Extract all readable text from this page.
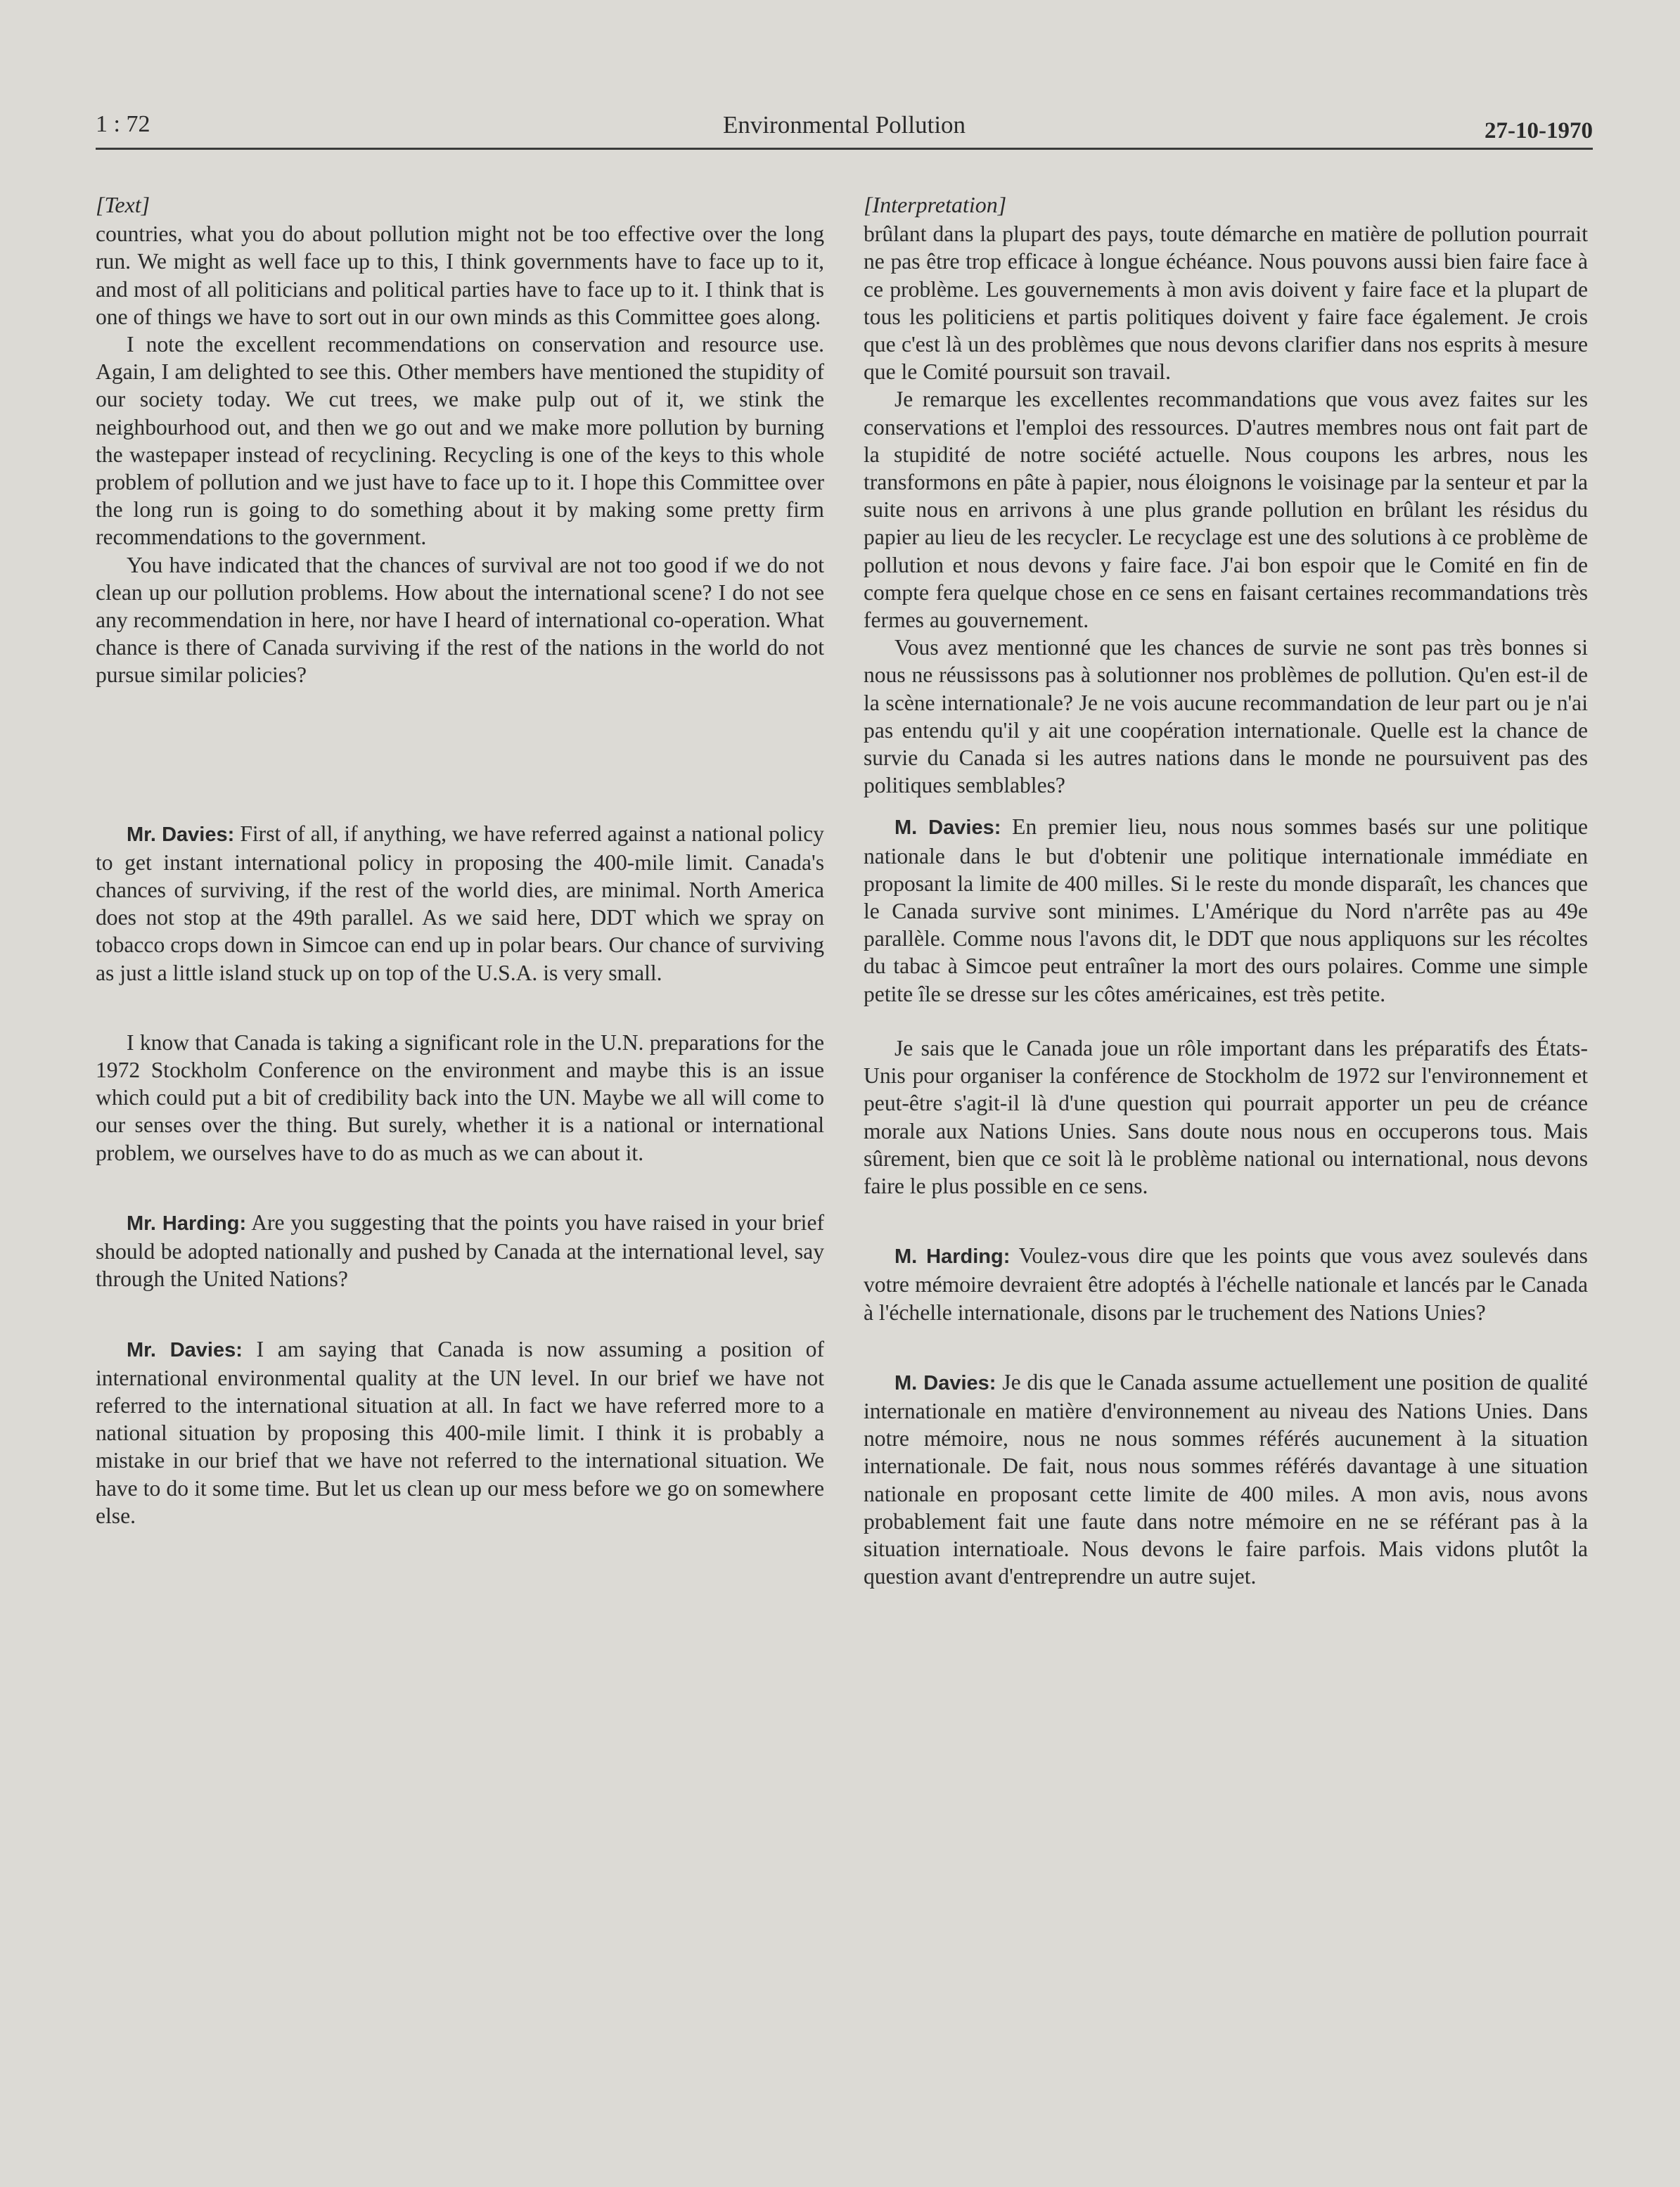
1 : 72	Environmental Pollution	27-10-1970
[Text]

countries, what you do about pollution might not be too effective over the long run. We might as well face up to this, I think governments have to face up to it, and most of all politicians and political parties have to face up to it. I think that is one of things we have to sort out in our own minds as this Committee goes along.

I note the excellent recommendations on conservation and resource use. Again, I am delighted to see this. Other members have mentioned the stupidity of our society today. We cut trees, we make pulp out of it, we stink the neighbourhood out, and then we go out and we make more pollution by burning the wastepaper instead of recyclining. Recycling is one of the keys to this whole problem of pollution and we just have to face up to it. I hope this Committee over the long run is going to do something about it by making some pretty firm recommendations to the government.

You have indicated that the chances of survival are not too good if we do not clean up our pollution problems. How about the international scene? I do not see any recommendation in here, nor have I heard of international co-operation. What chance is there of Canada surviving if the rest of the nations in the world do not pursue similar policies?

Mr. Davies: First of all, if anything, we have referred against a national policy to get instant international policy in proposing the 400-mile limit. Canada's chances of surviving, if the rest of the world dies, are minimal. North America does not stop at the 49th parallel. As we said here, DDT which we spray on tobacco crops down in Simcoe can end up in polar bears. Our chance of surviving as just a little island stuck up on top of the U.S.A. is very small.

I know that Canada is taking a significant role in the U.N. preparations for the 1972 Stockholm Conference on the environment and maybe this is an issue which could put a bit of credibility back into the UN. Maybe we all will come to our senses over the thing. But surely, whether it is a national or international problem, we ourselves have to do as much as we can about it.

Mr. Harding: Are you suggesting that the points you have raised in your brief should be adopted nationally and pushed by Canada at the international level, say through the United Nations?

Mr. Davies: I am saying that Canada is now assuming a position of international environmental quality at the UN level. In our brief we have not referred to the international situation at all. In fact we have referred more to a national situation by proposing this 400-mile limit. I think it is probably a mistake in our brief that we have not referred to the international situation. We have to do it some time. But let us clean up our mess before we go on somewhere else.

[Interpretation]

brûlant dans la plupart des pays, toute démarche en matière de pollution pourrait ne pas être trop efficace à longue échéance. Nous pouvons aussi bien faire face à ce problème. Les gouvernements à mon avis doivent y faire face et la plupart de tous les politiciens et partis politiques doivent y faire face également. Je crois que c'est là un des problèmes que nous devons clarifier dans nos esprits à mesure que le Comité poursuit son travail.

Je remarque les excellentes recommandations que vous avez faites sur les conservations et l'emploi des ressources. D'autres membres nous ont fait part de la stupidité de notre société actuelle. Nous coupons les arbres, nous les transformons en pâte à papier, nous éloignons le voisinage par la senteur et par la suite nous en arrivons à une plus grande pollution en brûlant les résidus du papier au lieu de les recycler. Le recyclage est une des solutions à ce problème de pollution et nous devons y faire face. J'ai bon espoir que le Comité en fin de compte fera quelque chose en ce sens en faisant certaines recommandations très fermes au gouvernement.

Vous avez mentionné que les chances de survie ne sont pas très bonnes si nous ne réussissons pas à solutionner nos problèmes de pollution. Qu'en est-il de la scène internationale? Je ne vois aucune recommandation de leur part ou je n'ai pas entendu qu'il y ait une coopération internationale. Quelle est la chance de survie du Canada si les autres nations dans le monde ne poursuivent pas des politiques semblables?

M. Davies: En premier lieu, nous nous sommes basés sur une politique nationale dans le but d'obtenir une politique internationale immédiate en proposant la limite de 400 milles. Si le reste du monde disparaît, les chances que le Canada survive sont minimes. L'Amérique du Nord n'arrête pas au 49e parallèle. Comme nous l'avons dit, le DDT que nous appliquons sur les récoltes du tabac à Simcoe peut entraîner la mort des ours polaires. Comme une simple petite île se dresse sur les côtes américaines, est très petite.

Je sais que le Canada joue un rôle important dans les préparatifs des États-Unis pour organiser la conférence de Stockholm de 1972 sur l'environnement et peut-être s'agit-il là d'une question qui pourrait apporter un peu de créance morale aux Nations Unies. Sans doute nous nous en occuperons tous. Mais sûrement, bien que ce soit là le problème national ou international, nous devons faire le plus possible en ce sens.

M. Harding: Voulez-vous dire que les points que vous avez soulevés dans votre mémoire devraient être adoptés à l'échelle nationale et lancés par le Canada à l'échelle internationale, disons par le truchement des Nations Unies?

M. Davies: Je dis que le Canada assume actuellement une position de qualité internationale en matière d'environnement au niveau des Nations Unies. Dans notre mémoire, nous ne nous sommes référés aucunement à la situation internationale. De fait, nous nous sommes référés davantage à une situation nationale en proposant cette limite de 400 miles. A mon avis, nous avons probablement fait une faute dans notre mémoire en ne se référant pas à la situation internatioale. Nous devons le faire parfois. Mais vidons plutôt la question avant d'entreprendre un autre sujet.
